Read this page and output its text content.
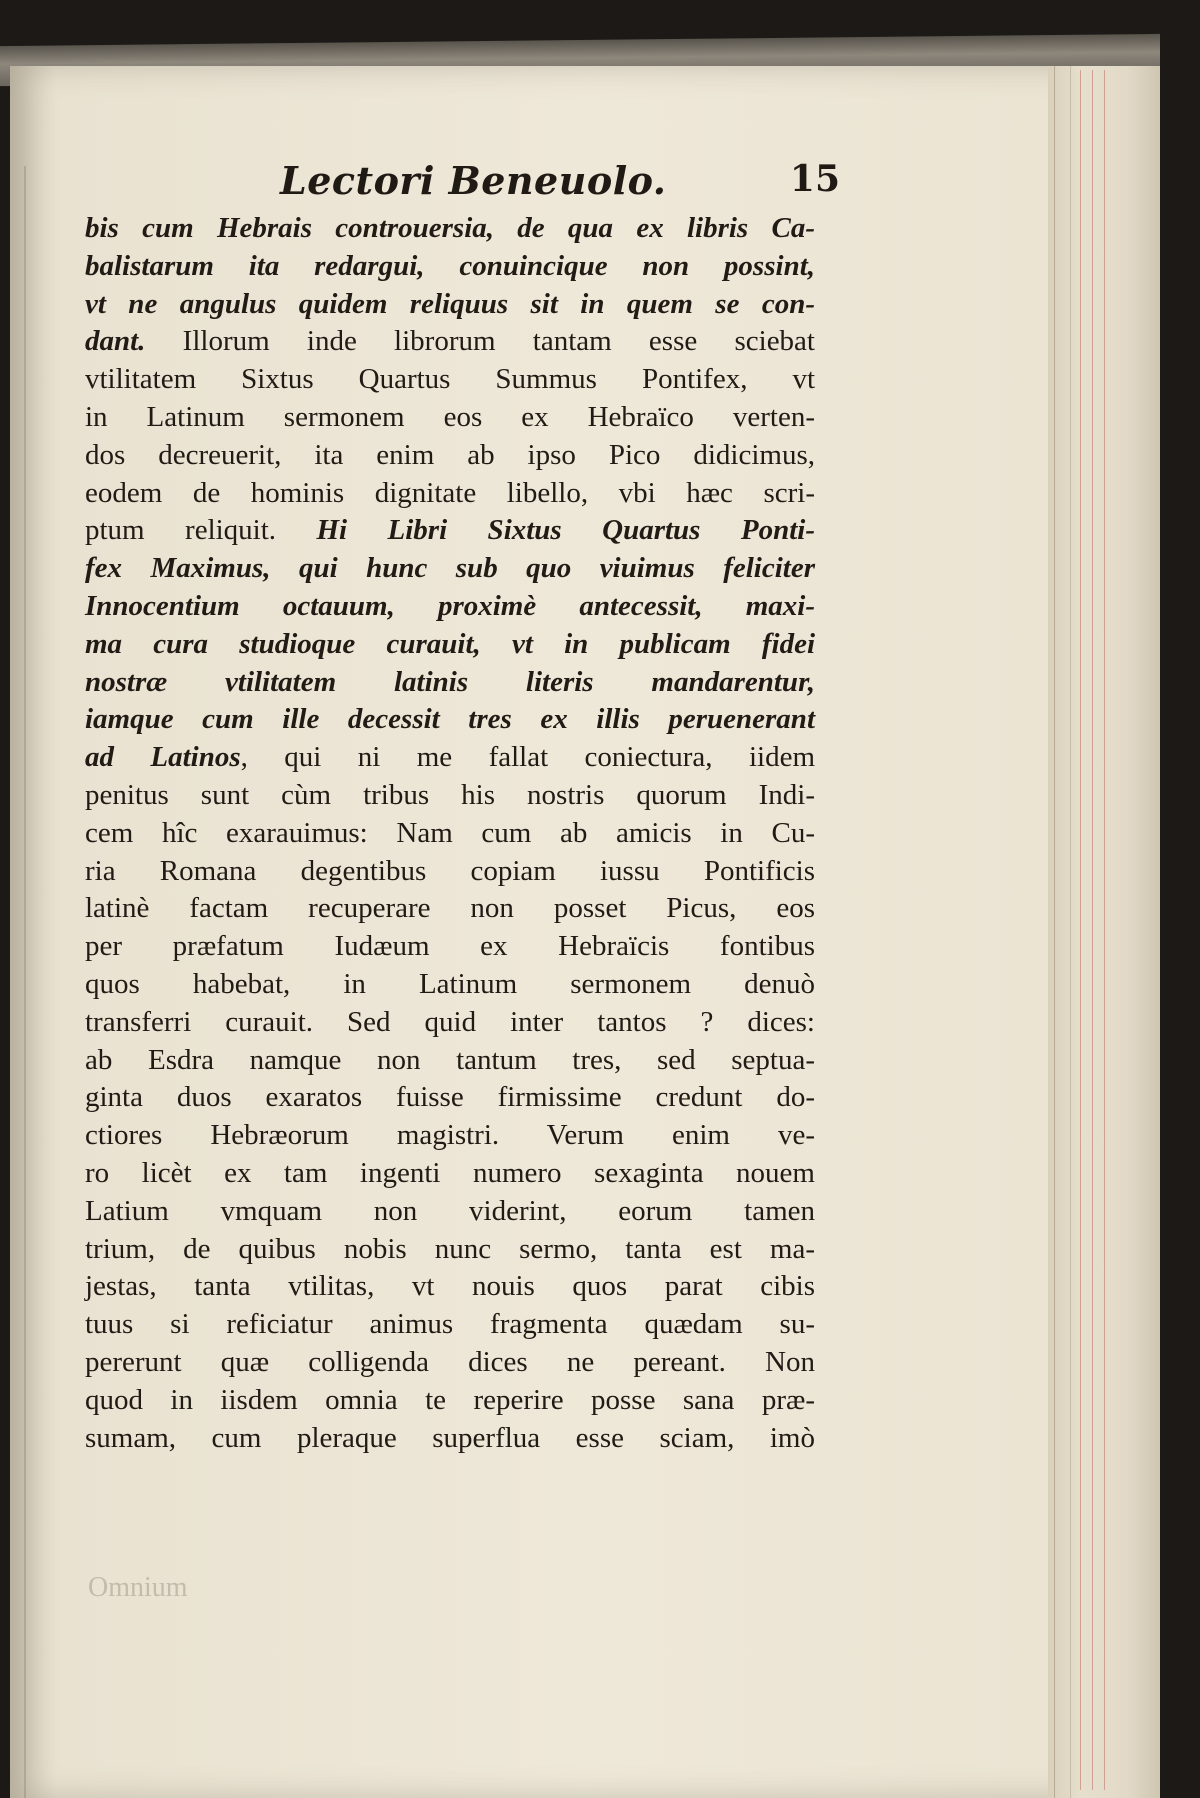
Lectori Beneuolo.	15
bis cum Hebrais controuersia, de qua ex libris Ca-
balistarum ita redargui, conuincique non possint,
vt ne angulus quidem reliquus sit in quem se con-
dant. Illorum inde librorum tantam esse sciebat
vtilitatem Sixtus Quartus Summus Pontifex, vt
in Latinum sermonem eos ex Hebraïco verten-
dos decreuerit, ita enim ab ipso Pico didicimus,
eodem de hominis dignitate libello, vbi hæc scri-
ptum reliquit. Hi Libri Sixtus Quartus Ponti-
fex Maximus, qui hunc sub quo viuimus feliciter
Innocentium octauum, proximè antecessit, maxi-
ma cura studioque curauit, vt in publicam fidei
nostræ vtilitatem latinis literis mandarentur,
iamque cum ille decessit tres ex illis peruenerant
ad Latinos, qui ni me fallat coniectura, iidem
penitus sunt cùm tribus his nostris quorum Indi-
cem hîc exarauimus: Nam cum ab amicis in Cu-
ria Romana degentibus copiam iussu Pontificis
latinè factam recuperare non posset Picus, eos
per præfatum Iudæum ex Hebraïcis fontibus
quos habebat, in Latinum sermonem denuò
transferri curauit. Sed quid inter tantos ? dices:
ab Esdra namque non tantum tres, sed septua-
ginta duos exaratos fuisse firmissime credunt do-
ctiores Hebræorum magistri. Verum enim ve-
ro licèt ex tam ingenti numero sexaginta nouem
Latium vmquam non viderint, eorum tamen
trium, de quibus nobis nunc sermo, tanta est ma-
jestas, tanta vtilitas, vt nouis quos parat cibis
tuus si reficiatur animus fragmenta quædam su-
pererunt quæ colligenda dices ne pereant. Non
quod in iisdem omnia te reperire posse sana præ-
sumam, cum pleraque superflua esse sciam, imò
Omnium
